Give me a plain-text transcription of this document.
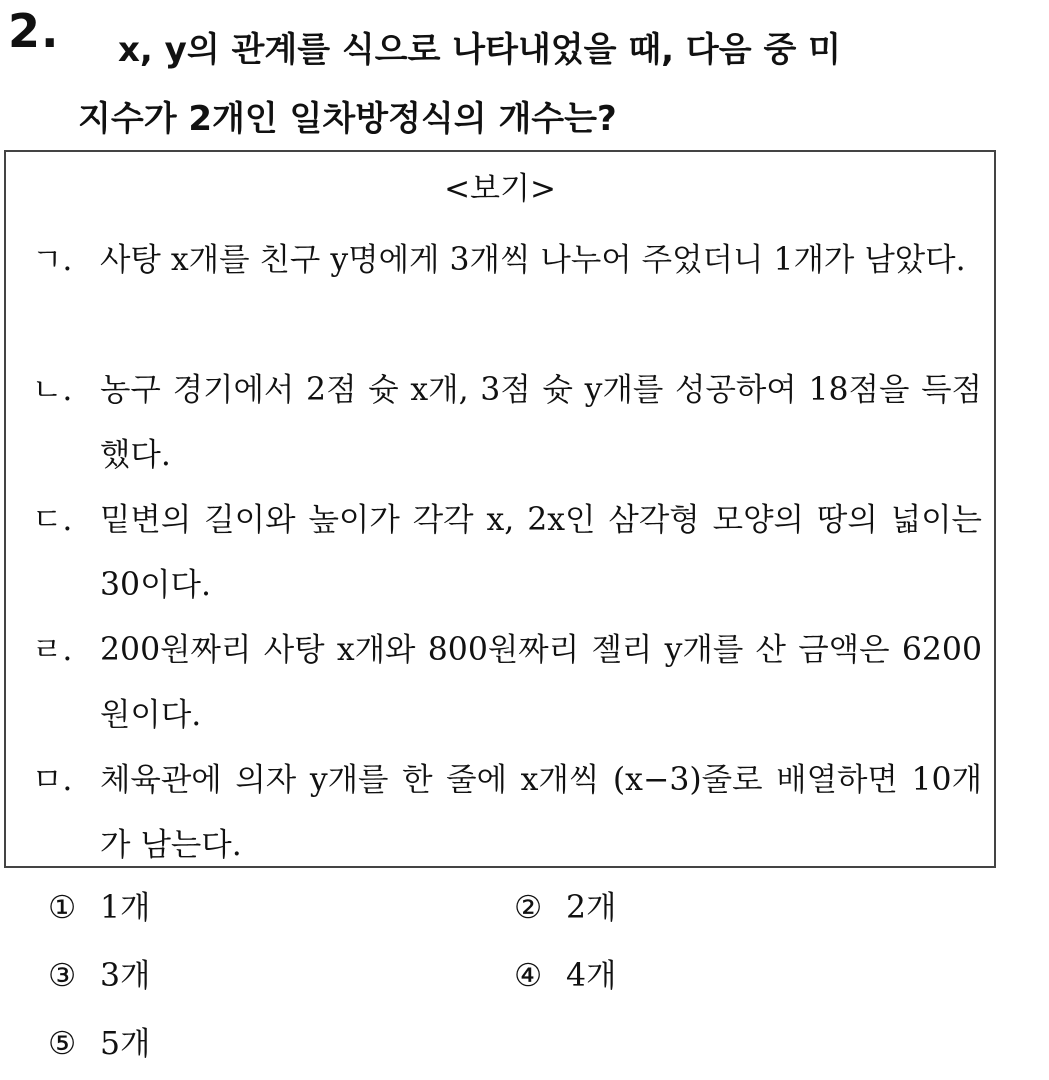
2.	x, y의 관계를 식으로 나타내었을 때, 다음 중 미
지수가 2개인 일차방정식의 개수는?

<보기>
ㄱ. 사탕 x개를 친구 y명에게 3개씩 나누어 주었더니 1개가 남았다.
ㄴ. 농구 경기에서 2점 슛 x개, 3점 슛 y개를 성공하여 18점을 득점했다.
ㄷ. 밑변의 길이와 높이가 각각 x, 2x인 삼각형 모양의 땅의 넓이는 30이다.
ㄹ. 200원짜리 사탕 x개와 800원짜리 젤리 y개를 산 금액은 6200원이다.
ㅁ. 체육관에 의자 y개를 한 줄에 x개씩 (x−3)줄로 배열하면 10개가 남는다.
① 1개	② 2개
③ 3개	④ 4개
⑤ 5개
